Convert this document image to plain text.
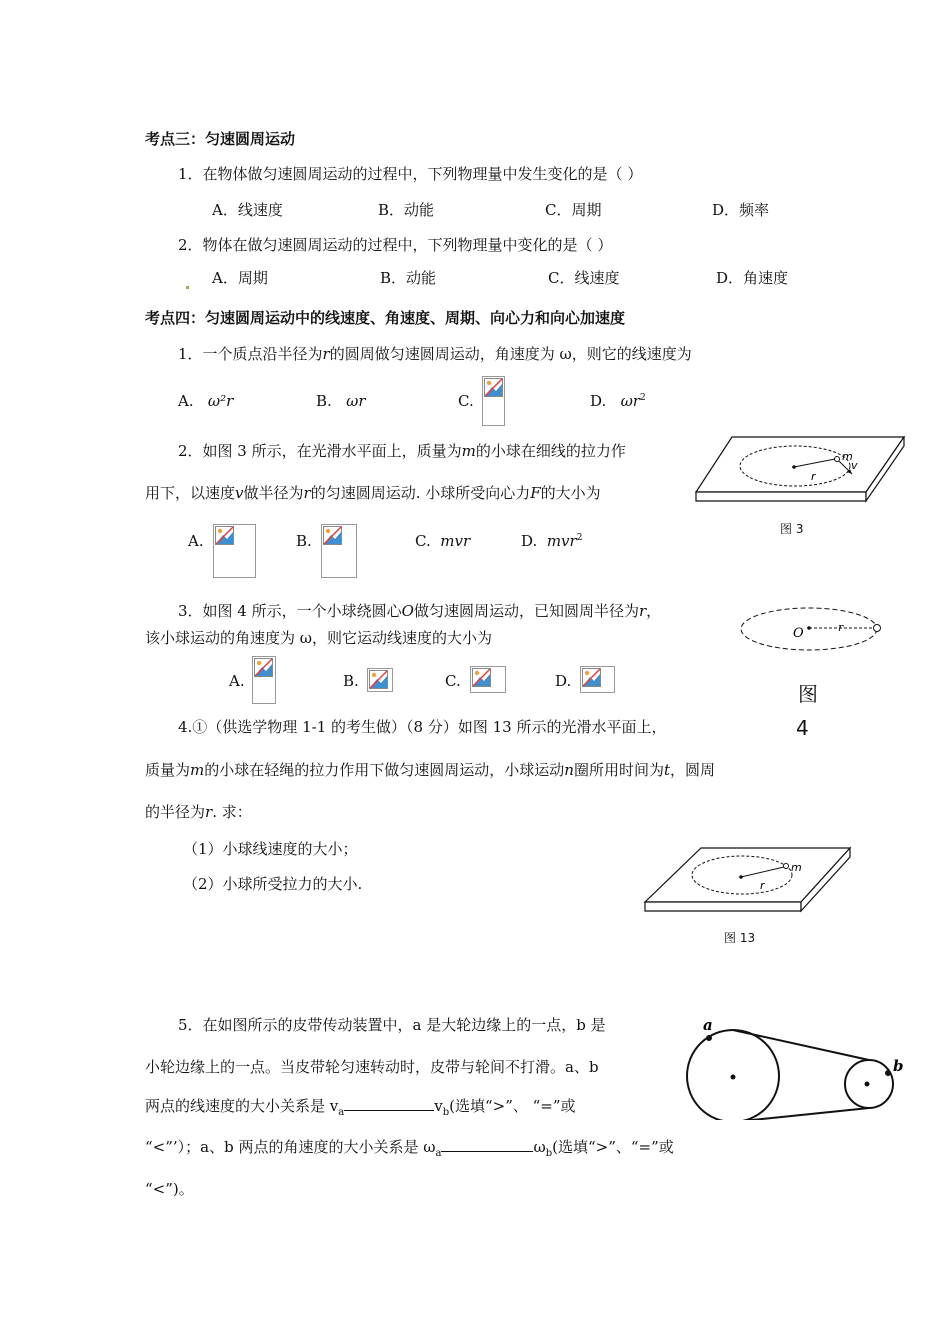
考点三：匀速圆周运动
1．在物体做匀速圆周运动的过程中，下列物理量中发生变化的是（ ）
A．线速度	B．动能	C．周期	D．频率
2．物体在做匀速圆周运动的过程中，下列物理量中变化的是（ ）
A．周期	B．动能	C．线速度	D．角速度
考点四：匀速圆周运动中的线速度、角速度、周期、向心力和向心加速度
1．一个质点沿半径为r的圆周做匀速圆周运动，角速度为 ω，则它的线速度为
A. ω²r	B. ωr	C.	D. $\omega r^2$
2．如图 3 所示，在光滑水平面上，质量为m的小球在细线的拉力作
用下，以速度v做半径为r的匀速圆周运动. 小球所受向心力F的大小为
A.	B.	C. mvr	D. mvr$^2$
m
v
r
图 3
3．如图 4 所示，一个小球绕圆心O做匀速圆周运动，已知圆周半径为r，
该小球运动的角速度为 ω，则它运动线速度的大小为
A.	B.	C.	D.
O	r
图
4
4.①（供选学物理 1-1 的考生做）（8 分）如图 13 所示的光滑水平面上，
质量为m的小球在轻绳的拉力作用下做匀速圆周运动，小球运动n圈所用时间为t，圆周
的半径为r. 求：
（1）小球线速度的大小；
（2）小球所受拉力的大小.
m
r
图 13
5．在如图所示的皮带传动装置中，a 是大轮边缘上的一点，b 是
小轮边缘上的一点。当皮带轮匀速转动时，皮带与轮间不打滑。a、b
两点的线速度的大小关系是 $v_a$	$v_b$(选填“>”、 “=”或
“<”’）；a、b 两点的角速度的大小关系是 $\omega_a$	$\omega_b$(选填“>”、“=”或
“<”)。
a
b
